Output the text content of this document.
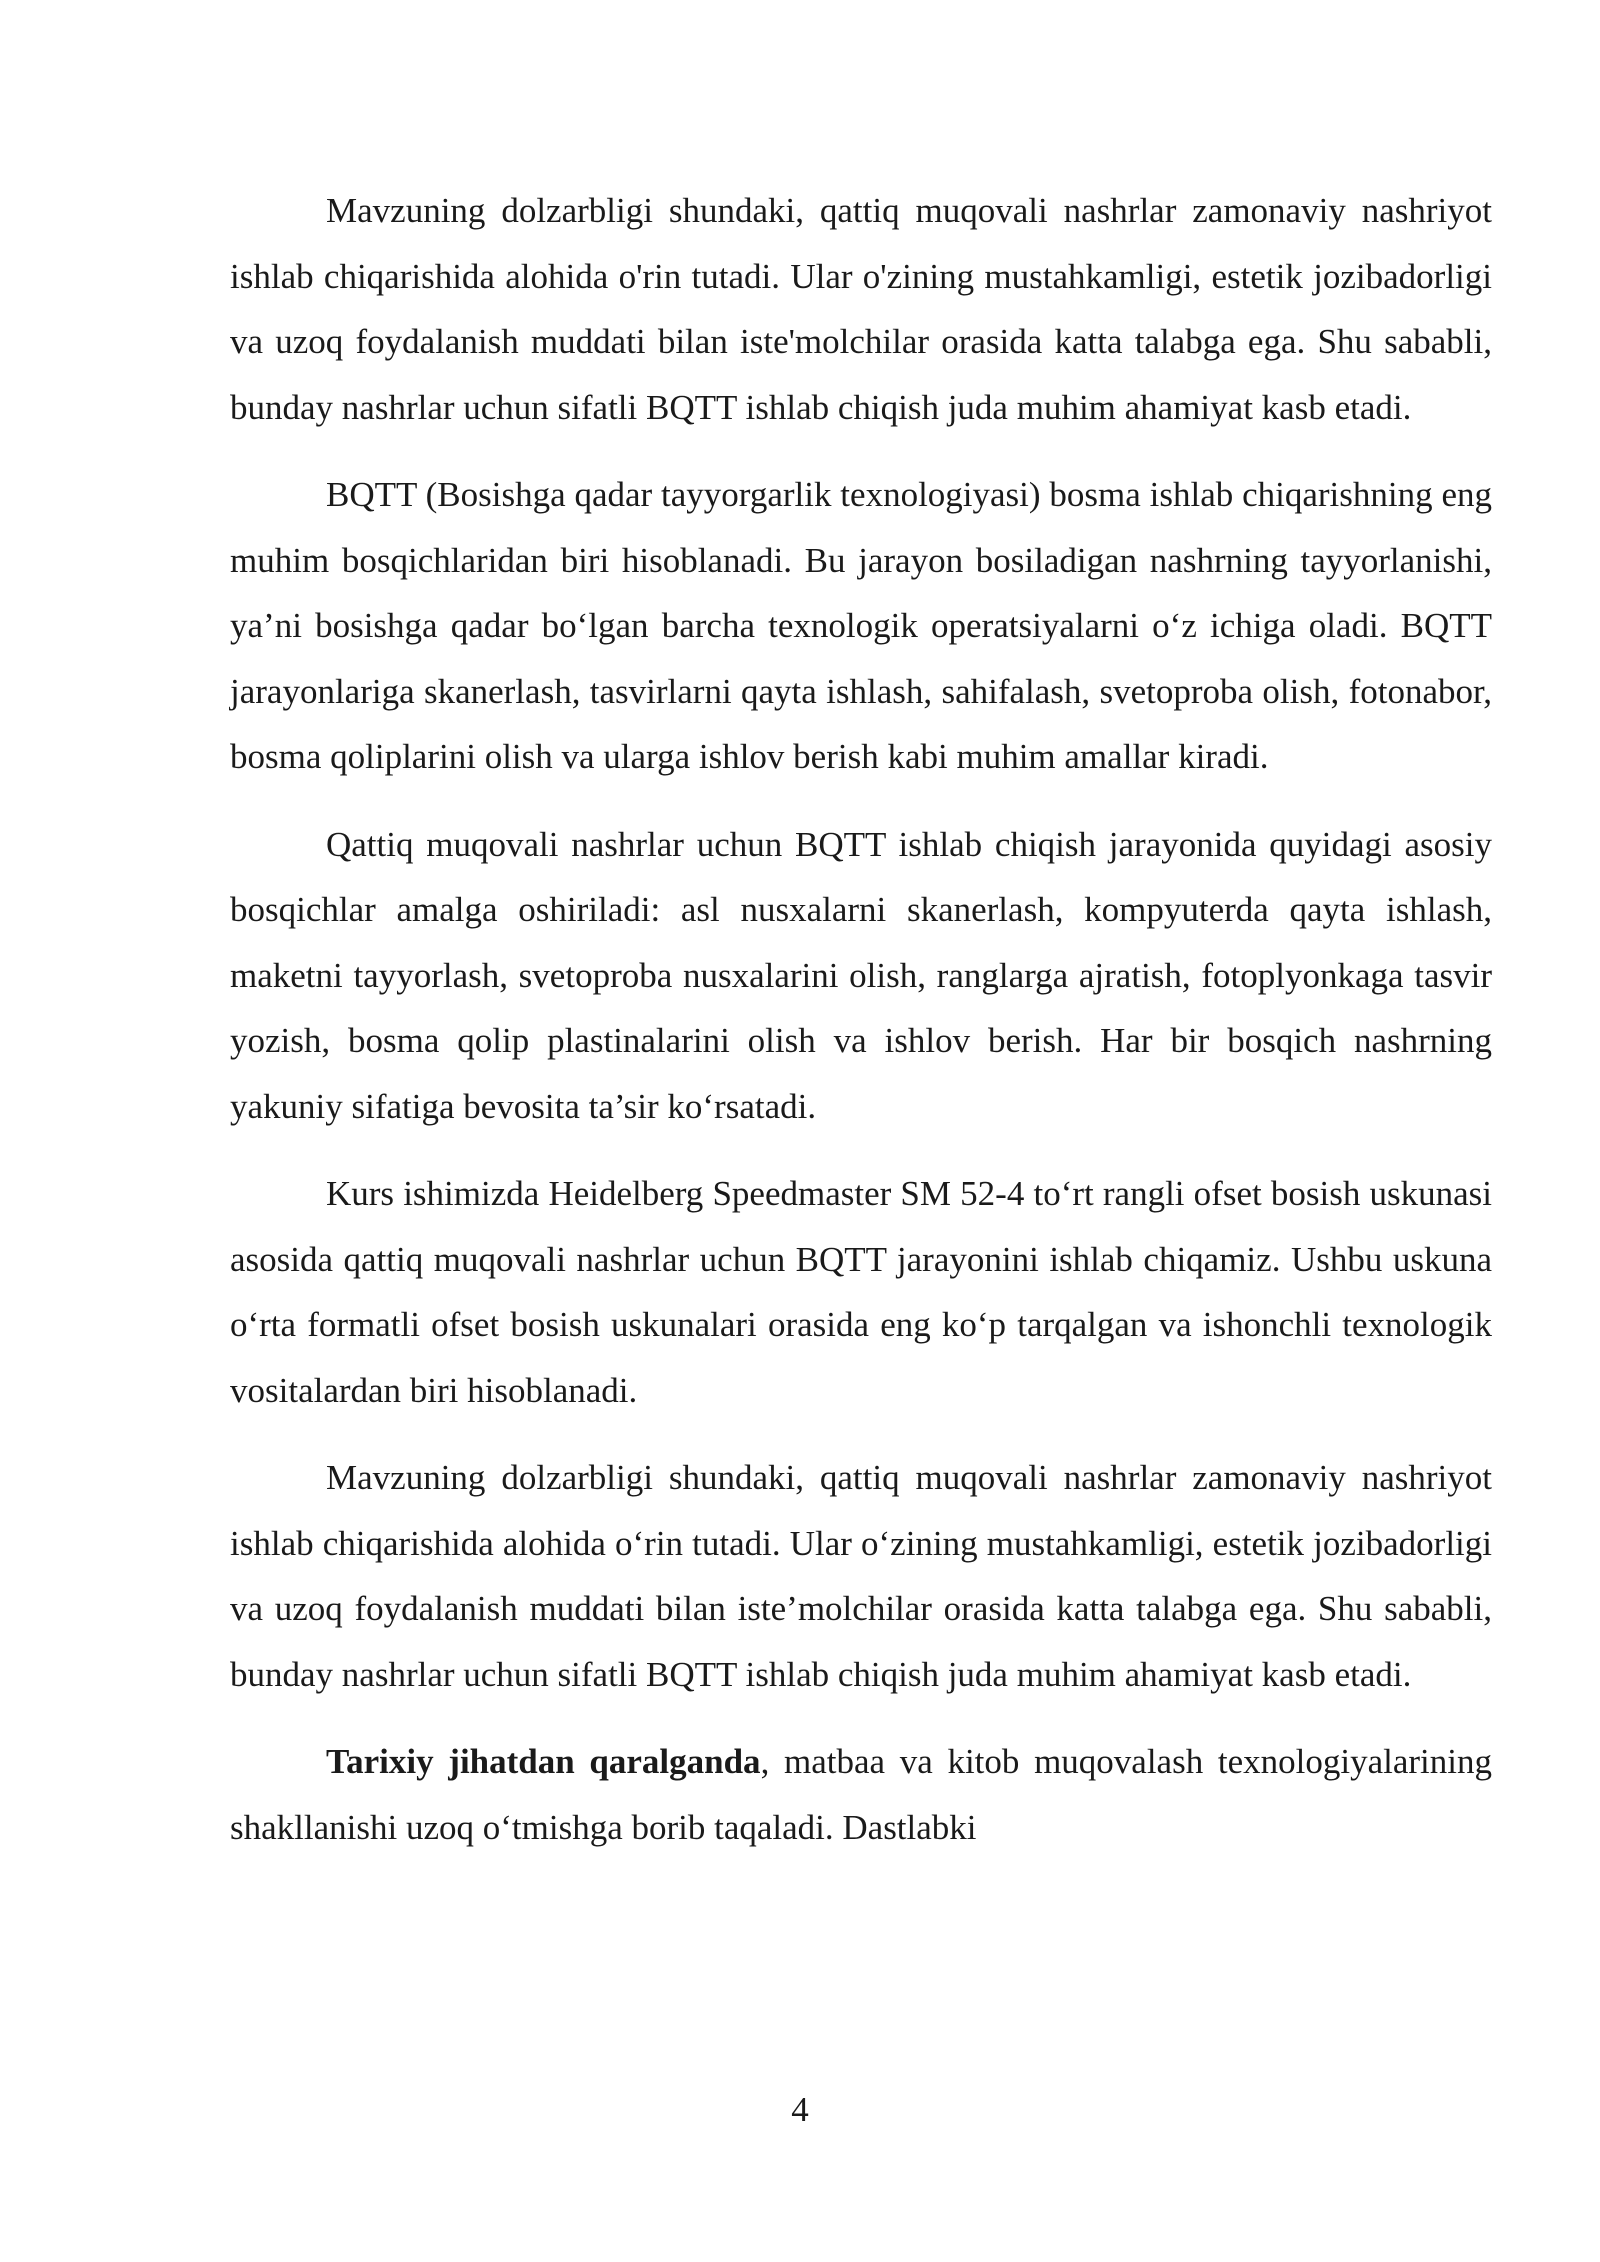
Mavzuning dolzarbligi shundaki, qattiq muqovali nashrlar zamonaviy nashriyot ishlab chiqarishida alohida o'rin tutadi. Ular o'zining mustahkamligi, estetik jozibadorligi va uzoq foydalanish muddati bilan iste'molchilar orasida katta talabga ega. Shu sababli, bunday nashrlar uchun sifatli BQTT ishlab chiqish juda muhim ahamiyat kasb etadi.

BQTT (Bosishga qadar tayyorgarlik texnologiyasi) bosma ishlab chiqarishning eng muhim bosqichlaridan biri hisoblanadi. Bu jarayon bosiladigan nashrning tayyorlanishi, ya’ni bosishga qadar bo‘lgan barcha texnologik operatsiyalarni o‘z ichiga oladi. BQTT jarayonlariga skanerlash, tasvirlarni qayta ishlash, sahifalash, svetoproba olish, fotonabor, bosma qoliplarini olish va ularga ishlov berish kabi muhim amallar kiradi.

Qattiq muqovali nashrlar uchun BQTT ishlab chiqish jarayonida quyidagi asosiy bosqichlar amalga oshiriladi: asl nusxalarni skanerlash, kompyuterda qayta ishlash, maketni tayyorlash, svetoproba nusxalarini olish, ranglarga ajratish, fotoplyonkaga tasvir yozish, bosma qolip plastinalarini olish va ishlov berish. Har bir bosqich nashrning yakuniy sifatiga bevosita ta’sir ko‘rsatadi.

Kurs ishimizda Heidelberg Speedmaster SM 52-4 to‘rt rangli ofset bosish uskunasi asosida qattiq muqovali nashrlar uchun BQTT jarayonini ishlab chiqamiz. Ushbu uskuna o‘rta formatli ofset bosish uskunalari orasida eng ko‘p tarqalgan va ishonchli texnologik vositalardan biri hisoblanadi.

Mavzuning dolzarbligi shundaki, qattiq muqovali nashrlar zamonaviy nashriyot ishlab chiqarishida alohida o‘rin tutadi. Ular o‘zining mustahkamligi, estetik jozibadorligi va uzoq foydalanish muddati bilan iste’molchilar orasida katta talabga ega. Shu sababli, bunday nashrlar uchun sifatli BQTT ishlab chiqish juda muhim ahamiyat kasb etadi.

Tarixiy jihatdan qaralganda, matbaa va kitob muqovalash texnologiyalarining shakllanishi uzoq o‘tmishga borib taqaladi. Dastlabki

4
